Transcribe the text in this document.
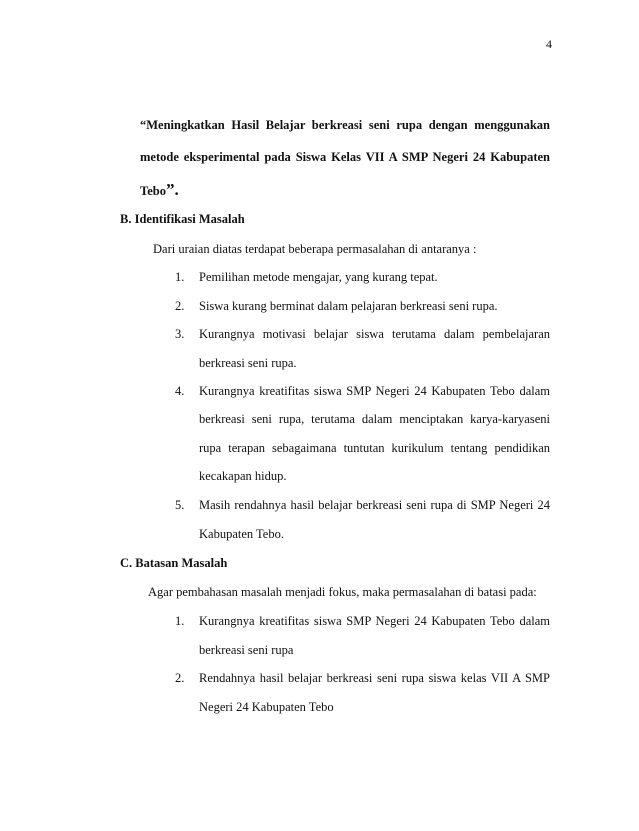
4
“Meningkatkan Hasil Belajar berkreasi seni rupa dengan menggunakan
metode eksperimental pada Siswa Kelas VII A SMP Negeri 24 Kabupaten
Tebo”.
B. Identifikasi Masalah
Dari uraian diatas terdapat beberapa permasalahan di antaranya :
1. Pemilihan metode mengajar, yang kurang tepat.
2. Siswa kurang berminat dalam pelajaran berkreasi seni rupa.
3. Kurangnya motivasi belajar siswa terutama dalam pembelajaran
berkreasi seni rupa.
4. Kurangnya kreatifitas siswa SMP Negeri 24 Kabupaten Tebo dalam
berkreasi seni rupa, terutama dalam menciptakan karya-karyaseni
rupa terapan sebagaimana tuntutan kurikulum tentang pendidikan
kecakapan hidup.
5. Masih rendahnya hasil belajar berkreasi seni rupa di SMP Negeri 24
Kabupaten Tebo.
C. Batasan Masalah
Agar pembahasan masalah menjadi fokus, maka permasalahan di batasi pada:
1. Kurangnya kreatifitas siswa SMP Negeri 24 Kabupaten Tebo dalam
berkreasi seni rupa
2. Rendahnya hasil belajar berkreasi seni rupa siswa kelas VII A SMP
Negeri 24 Kabupaten Tebo
